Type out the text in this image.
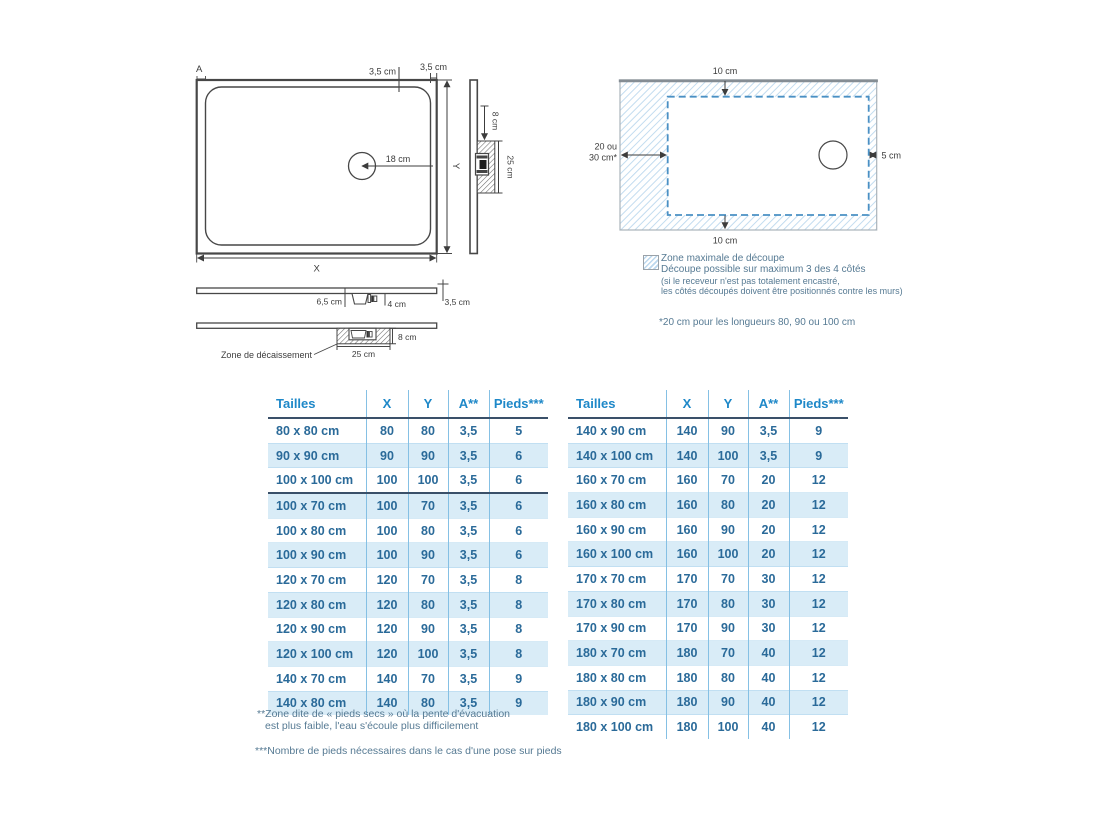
A	3,5 cm	3,5 cm
18 cm
Y
X
8 cm
25 cm
6,5 cm	4 cm	3,5 cm
8 cm
25 cm
Zone de décaissement
10 cm
10 cm
20 ou
30 cm*	5 cm

Zone maximale de découpe

Découpe possible sur maximum 3 des 4 côtés

(si le receveur n'est pas totalement encastré,

les côtés découpés doivent être positionnés contre les murs)

*20 cm pour les longueurs 80, 90 ou 100 cm
Tailles	X	Y	A**	Pieds***
80 x 80 cm	80	80	3,5	5
90 x 90 cm	90	90	3,5	6
100 x 100 cm	100	100	3,5	6
100 x 70 cm	100	70	3,5	6
100 x 80 cm	100	80	3,5	6
100 x 90 cm	100	90	3,5	6
120 x 70 cm	120	70	3,5	8
120 x 80 cm	120	80	3,5	8
120 x 90 cm	120	90	3,5	8
120 x 100 cm	120	100	3,5	8
140 x 70 cm	140	70	3,5	9
140 x 80 cm	140	80	3,5	9
Tailles	X	Y	A**	Pieds***
140 x 90 cm	140	90	3,5	9
140 x 100 cm	140	100	3,5	9
160 x 70 cm	160	70	20	12
160 x 80 cm	160	80	20	12
160 x 90 cm	160	90	20	12
160 x 100 cm	160	100	20	12
170 x 70 cm	170	70	30	12
170 x 80 cm	170	80	30	12
170 x 90 cm	170	90	30	12
180 x 70 cm	180	70	40	12
180 x 80 cm	180	80	40	12
180 x 90 cm	180	90	40	12
180 x 100 cm	180	100	40	12

**Zone dite de « pieds secs » où la pente d'évacuation

est plus faible, l'eau s'écoule plus difficilement

***Nombre de pieds nécessaires dans le cas d'une pose sur pieds
